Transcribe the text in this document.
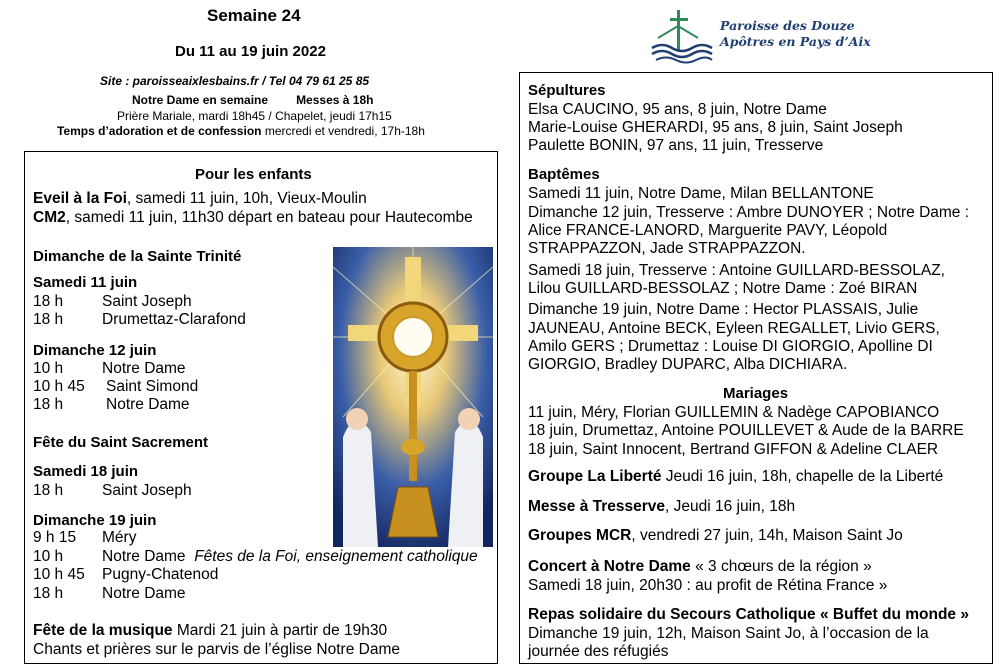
Semaine 24
Du 11 au 19 juin 2022
Site : paroisseaixlesbains.fr / Tel 04 79 61 25 85
Notre Dame en semaine Messes à 18h
Prière Mariale, mardi 18h45 / Chapelet, jeudi 17h15
Temps d’adoration et de confession mercredi et vendredi, 17h-18h
Paroisse des Douze
Apôtres en Pays d’Aix
Pour les enfants
Eveil à la Foi, samedi 11 juin, 10h, Vieux-Moulin
CM2, samedi 11 juin, 11h30 départ en bateau pour Hautecombe
Dimanche de la Sainte Trinité
Samedi 11 juin
18 h	Saint Joseph
18 h	Drumettaz-Clarafond
Dimanche 12 juin
10 h	Notre Dame
10 h 45 Saint Simond
18 h	Notre Dame
Fête du Saint Sacrement
Samedi 18 juin
18 h	Saint Joseph
Dimanche 19 juin
9 h 15 Méry
10 h	Notre Dame Fêtes de la Foi, enseignement catholique
10 h 45 Pugny-Chatenod
18 h	Notre Dame
Fête de la musique Mardi 21 juin à partir de 19h30
Chants et prières sur le parvis de l’église Notre Dame
Sépultures
Elsa CAUCINO, 95 ans, 8 juin, Notre Dame
Marie-Louise GHERARDI, 95 ans, 8 juin, Saint Joseph
Paulette BONIN, 97 ans, 11 juin, Tresserve
Baptêmes
Samedi 11 juin, Notre Dame, Milan BELLANTONE
Dimanche 12 juin, Tresserve : Ambre DUNOYER ; Notre Dame :
Alice FRANCE-LANORD, Marguerite PAVY, Léopold
STRAPPAZZON, Jade STRAPPAZZON.
Samedi 18 juin, Tresserve : Antoine GUILLARD-BESSOLAZ,
Lilou GUILLARD-BESSOLAZ ; Notre Dame : Zoé BIRAN
Dimanche 19 juin, Notre Dame : Hector PLASSAIS, Julie
JAUNEAU, Antoine BECK, Eyleen REGALLET, Livio GERS,
Amilo GERS ; Drumettaz : Louise DI GIORGIO, Apolline DI
GIORGIO, Bradley DUPARC, Alba DICHIARA.
Mariages
11 juin, Méry, Florian GUILLEMIN & Nadège CAPOBIANCO
18 juin, Drumettaz, Antoine POUILLEVET & Aude de la BARRE
18 juin, Saint Innocent, Bertrand GIFFON & Adeline CLAER
Groupe La Liberté Jeudi 16 juin, 18h, chapelle de la Liberté
Messe à Tresserve, Jeudi 16 juin, 18h
Groupes MCR, vendredi 27 juin, 14h, Maison Saint Jo
Concert à Notre Dame « 3 chœurs de la région »
Samedi 18 juin, 20h30 : au profit de Rétina France »
Repas solidaire du Secours Catholique « Buffet du monde »
Dimanche 19 juin, 12h, Maison Saint Jo, à l’occasion de la
journée des réfugiés
